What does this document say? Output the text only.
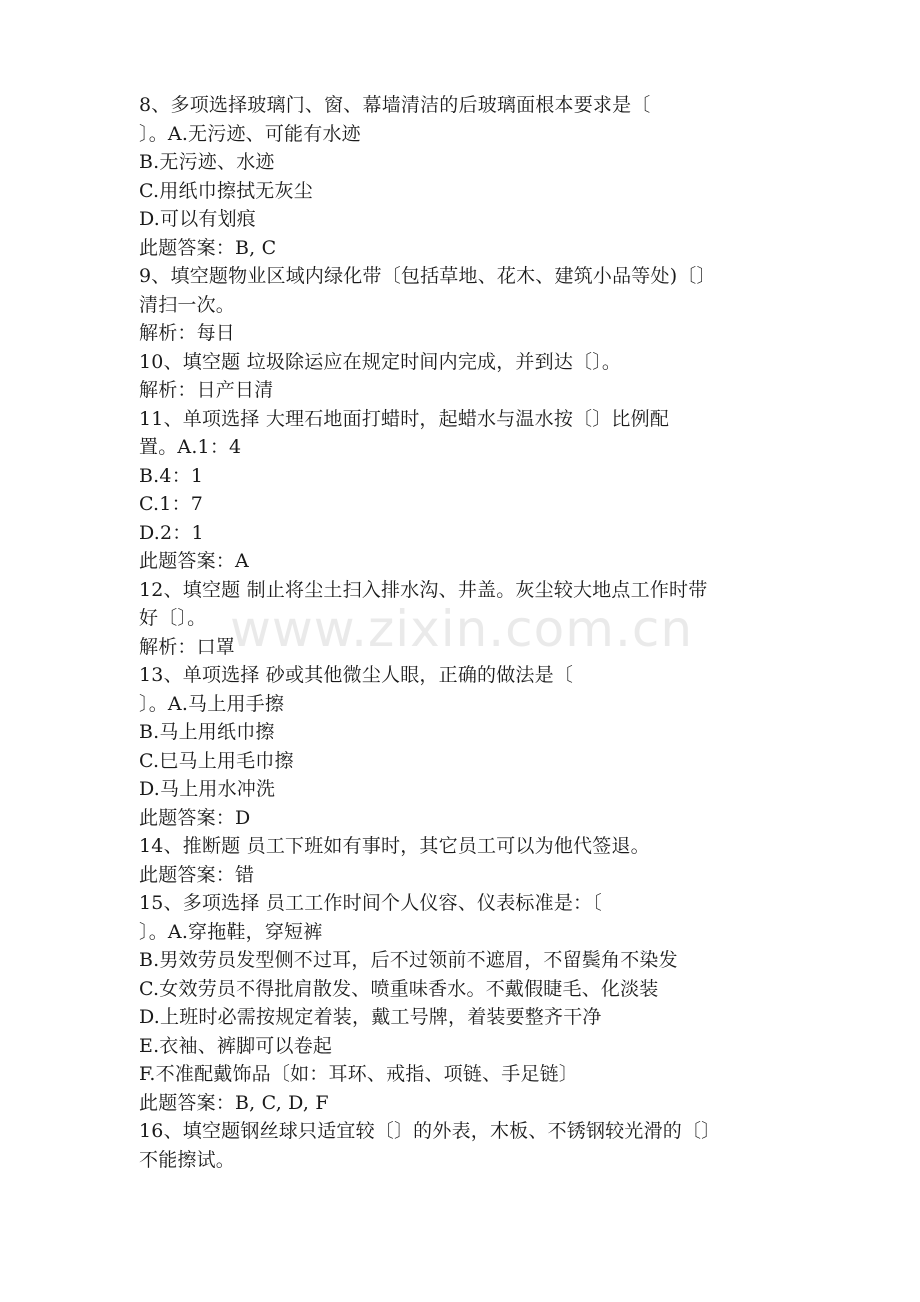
www.zixin.com.cn
8、多项选择玻璃门、窗、幕墙清洁的后玻璃面根本要求是〔
〕。A.无污迹、可能有水迹
B.无污迹、水迹
C.用纸巾擦拭无灰尘
D.可以有划痕
此题答案：B, C
9、填空题物业区域内绿化带〔包括草地、花木、建筑小品等处)〔〕
清扫一次。
解析：每日
10、填空题 垃圾除运应在规定时间内完成，并到达〔〕。
解析：日产日清
11、单项选择 大理石地面打蜡时，起蜡水与温水按〔〕比例配
置。A.1：4
B.4：1
C.1：7
D.2：1
此题答案：A
12、填空题 制止将尘土扫入排水沟、井盖。灰尘较大地点工作时带
好〔〕。
解析：口罩
13、单项选择 砂或其他微尘人眼，正确的做法是〔
〕。A.马上用手擦
B.马上用纸巾擦
C.巳马上用毛巾擦
D.马上用水冲洗
此题答案：D
14、推断题 员工下班如有事时，其它员工可以为他代签退。
此题答案：错
15、多项选择 员工工作时间个人仪容、仪表标准是：〔
〕。A.穿拖鞋，穿短裤
B.男效劳员发型侧不过耳，后不过领前不遮眉，不留鬓角不染发
C.女效劳员不得批肩散发、喷重味香水。不戴假睫毛、化淡装
D.上班时必需按规定着装，戴工号牌，着装要整齐干净
E.衣袖、裤脚可以卷起
F.不准配戴饰品〔如：耳环、戒指、项链、手足链〕
此题答案：B, C, D, F
16、填空题钢丝球只适宜较〔〕的外表，木板、不锈钢较光滑的〔〕
不能擦试。
